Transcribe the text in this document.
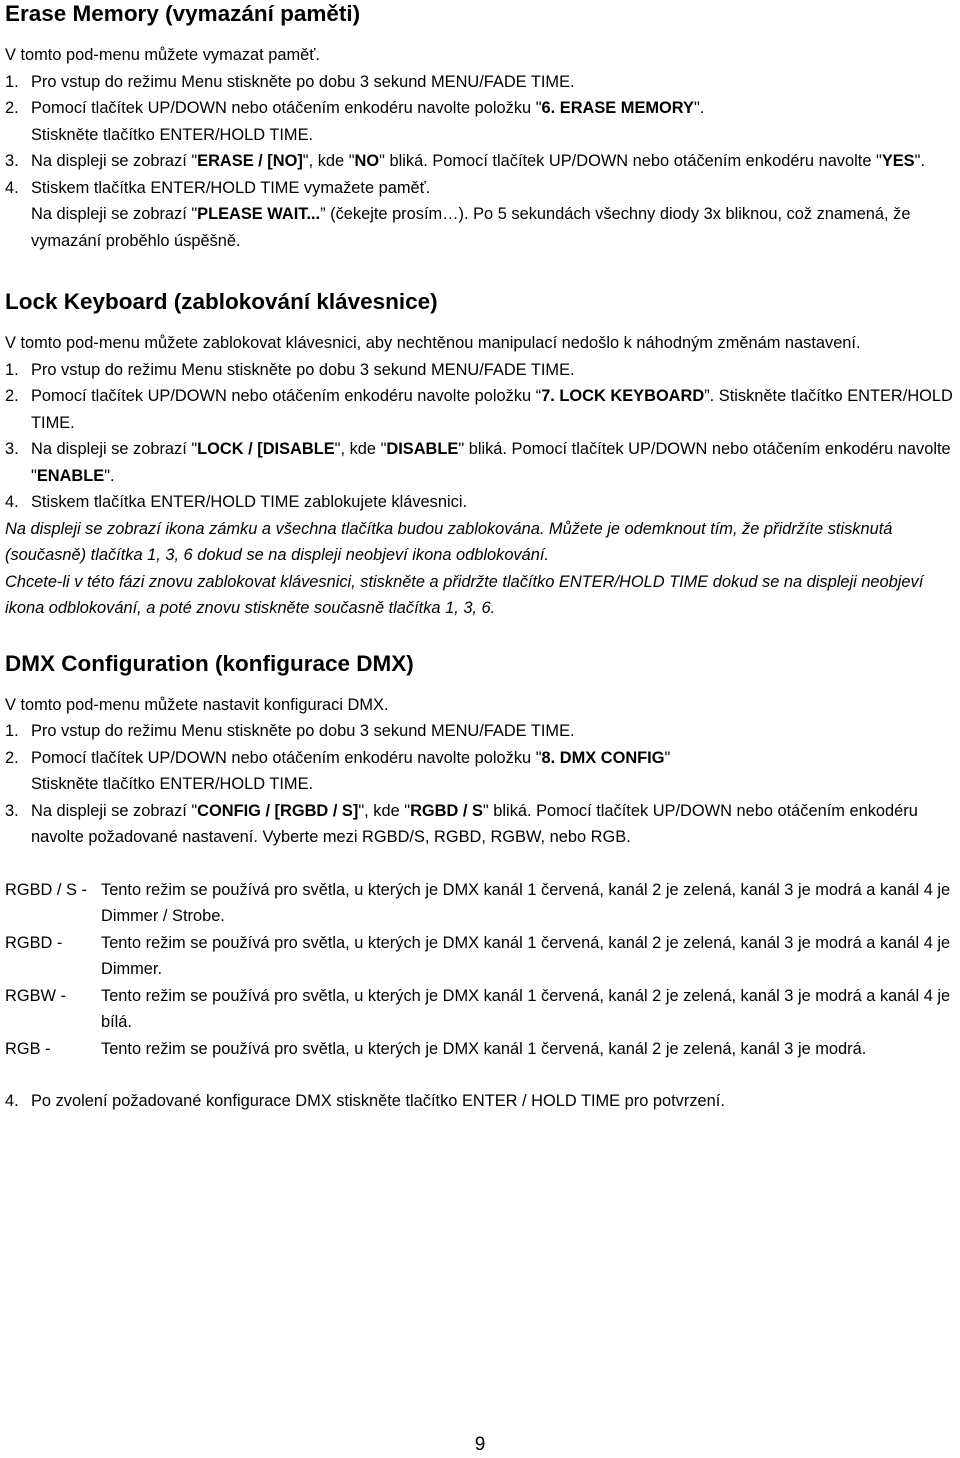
Erase Memory (vymazání paměti)

V tomto pod-menu můžete vymazat paměť.

1. Pro vstup do režimu Menu stiskněte po dobu 3 sekund MENU/FADE TIME.
2. Pomocí tlačítek UP/DOWN nebo otáčením enkodéru navolte položku "6. ERASE MEMORY".
Stiskněte tlačítko ENTER/HOLD TIME.
3. Na displeji se zobrazí "ERASE / [NO]", kde "NO" bliká. Pomocí tlačítek UP/DOWN nebo otáčením enkodéru navolte "YES".
4. Stiskem tlačítka ENTER/HOLD TIME vymažete paměť.
Na displeji se zobrazí "PLEASE WAIT...” (čekejte prosím…). Po 5 sekundách všechny diody 3x bliknou, což znamená, že vymazání proběhlo úspěšně.
Lock Keyboard (zablokování klávesnice)

V tomto pod-menu můžete zablokovat klávesnici, aby nechtěnou manipulací nedošlo k náhodným změnám nastavení.

1. Pro vstup do režimu Menu stiskněte po dobu 3 sekund MENU/FADE TIME.
2. Pomocí tlačítek UP/DOWN nebo otáčením enkodéru navolte položku “7. LOCK KEYBOARD”. Stiskněte tlačítko ENTER/HOLD TIME.
3. Na displeji se zobrazí "LOCK / [DISABLE", kde "DISABLE" bliká. Pomocí tlačítek UP/DOWN nebo otáčením enkodéru navolte "ENABLE".
4. Stiskem tlačítka ENTER/HOLD TIME zablokujete klávesnici.

Na displeji se zobrazí ikona zámku a všechna tlačítka budou zablokována. Můžete je odemknout tím, že přidržíte stisknutá (současně) tlačítka 1, 3, 6 dokud se na displeji neobjeví ikona odblokování.

Chcete-li v této fázi znovu zablokovat klávesnici, stiskněte a přidržte tlačítko ENTER/HOLD TIME dokud se na displeji neobjeví ikona odblokování, a poté znovu stiskněte současně tlačítka 1, 3, 6.

DMX Configuration (konfigurace DMX)

V tomto pod-menu můžete nastavit konfiguraci DMX.

1. Pro vstup do režimu Menu stiskněte po dobu 3 sekund MENU/FADE TIME.
2. Pomocí tlačítek UP/DOWN nebo otáčením enkodéru navolte položku "8. DMX CONFIG"
Stiskněte tlačítko ENTER/HOLD TIME.
3. Na displeji se zobrazí "CONFIG / [RGBD / S]", kde "RGBD / S" bliká. Pomocí tlačítek UP/DOWN nebo otáčením enkodéru navolte požadované nastavení. Vyberte mezi RGBD/S, RGBD, RGBW, nebo RGB.
RGBD / S - Tento režim se používá pro světla, u kterých je DMX kanál 1 červená, kanál 2 je zelená, kanál 3 je modrá a kanál 4 je Dimmer / Strobe.
RGBD - Tento režim se používá pro světla, u kterých je DMX kanál 1 červená, kanál 2 je zelená, kanál 3 je modrá a kanál 4 je Dimmer.
RGBW - Tento režim se používá pro světla, u kterých je DMX kanál 1 červená, kanál 2 je zelená, kanál 3 je modrá a kanál 4 je bílá.
RGB -	Tento režim se používá pro světla, u kterých je DMX kanál 1 červená, kanál 2 je zelená, kanál 3 je modrá.
4. Po zvolení požadované konfigurace DMX stiskněte tlačítko ENTER / HOLD TIME pro potvrzení.
9
